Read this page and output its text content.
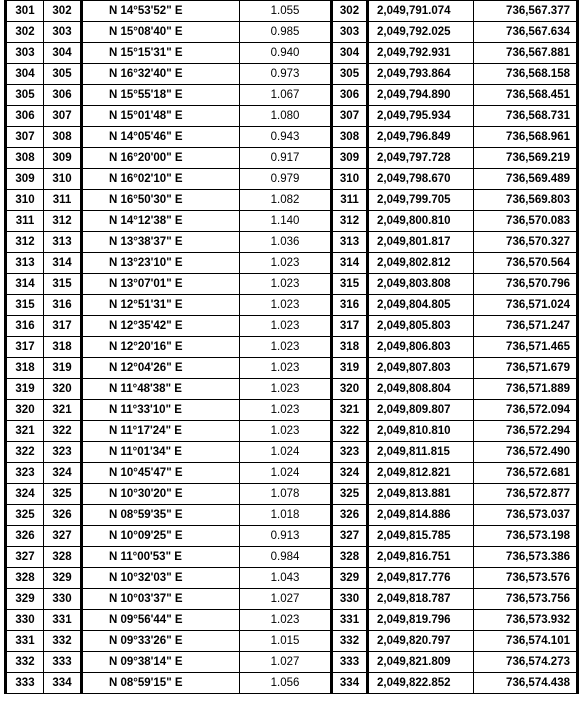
301	302	N 14°53'52" E	1.055	302	2,049,791.074	736,567.377
302	303	N 15°08'40" E	0.985	303	2,049,792.025	736,567.634
303	304	N 15°15'31" E	0.940	304	2,049,792.931	736,567.881
304	305	N 16°32'40" E	0.973	305	2,049,793.864	736,568.158
305	306	N 15°55'18" E	1.067	306	2,049,794.890	736,568.451
306	307	N 15°01'48" E	1.080	307	2,049,795.934	736,568.731
307	308	N 14°05'46" E	0.943	308	2,049,796.849	736,568.961
308	309	N 16°20'00" E	0.917	309	2,049,797.728	736,569.219
309	310	N 16°02'10" E	0.979	310	2,049,798.670	736,569.489
310	311	N 16°50'30" E	1.082	311	2,049,799.705	736,569.803
311	312	N 14°12'38" E	1.140	312	2,049,800.810	736,570.083
312	313	N 13°38'37" E	1.036	313	2,049,801.817	736,570.327
313	314	N 13°23'10" E	1.023	314	2,049,802.812	736,570.564
314	315	N 13°07'01" E	1.023	315	2,049,803.808	736,570.796
315	316	N 12°51'31" E	1.023	316	2,049,804.805	736,571.024
316	317	N 12°35'42" E	1.023	317	2,049,805.803	736,571.247
317	318	N 12°20'16" E	1.023	318	2,049,806.803	736,571.465
318	319	N 12°04'26" E	1.023	319	2,049,807.803	736,571.679
319	320	N 11°48'38" E	1.023	320	2,049,808.804	736,571.889
320	321	N 11°33'10" E	1.023	321	2,049,809.807	736,572.094
321	322	N 11°17'24" E	1.023	322	2,049,810.810	736,572.294
322	323	N 11°01'34" E	1.024	323	2,049,811.815	736,572.490
323	324	N 10°45'47" E	1.024	324	2,049,812.821	736,572.681
324	325	N 10°30'20" E	1.078	325	2,049,813.881	736,572.877
325	326	N 08°59'35" E	1.018	326	2,049,814.886	736,573.037
326	327	N 10°09'25" E	0.913	327	2,049,815.785	736,573.198
327	328	N 11°00'53" E	0.984	328	2,049,816.751	736,573.386
328	329	N 10°32'03" E	1.043	329	2,049,817.776	736,573.576
329	330	N 10°03'37" E	1.027	330	2,049,818.787	736,573.756
330	331	N 09°56'44" E	1.023	331	2,049,819.796	736,573.932
331	332	N 09°33'26" E	1.015	332	2,049,820.797	736,574.101
332	333	N 09°38'14" E	1.027	333	2,049,821.809	736,574.273
333	334	N 08°59'15" E	1.056	334	2,049,822.852	736,574.438
